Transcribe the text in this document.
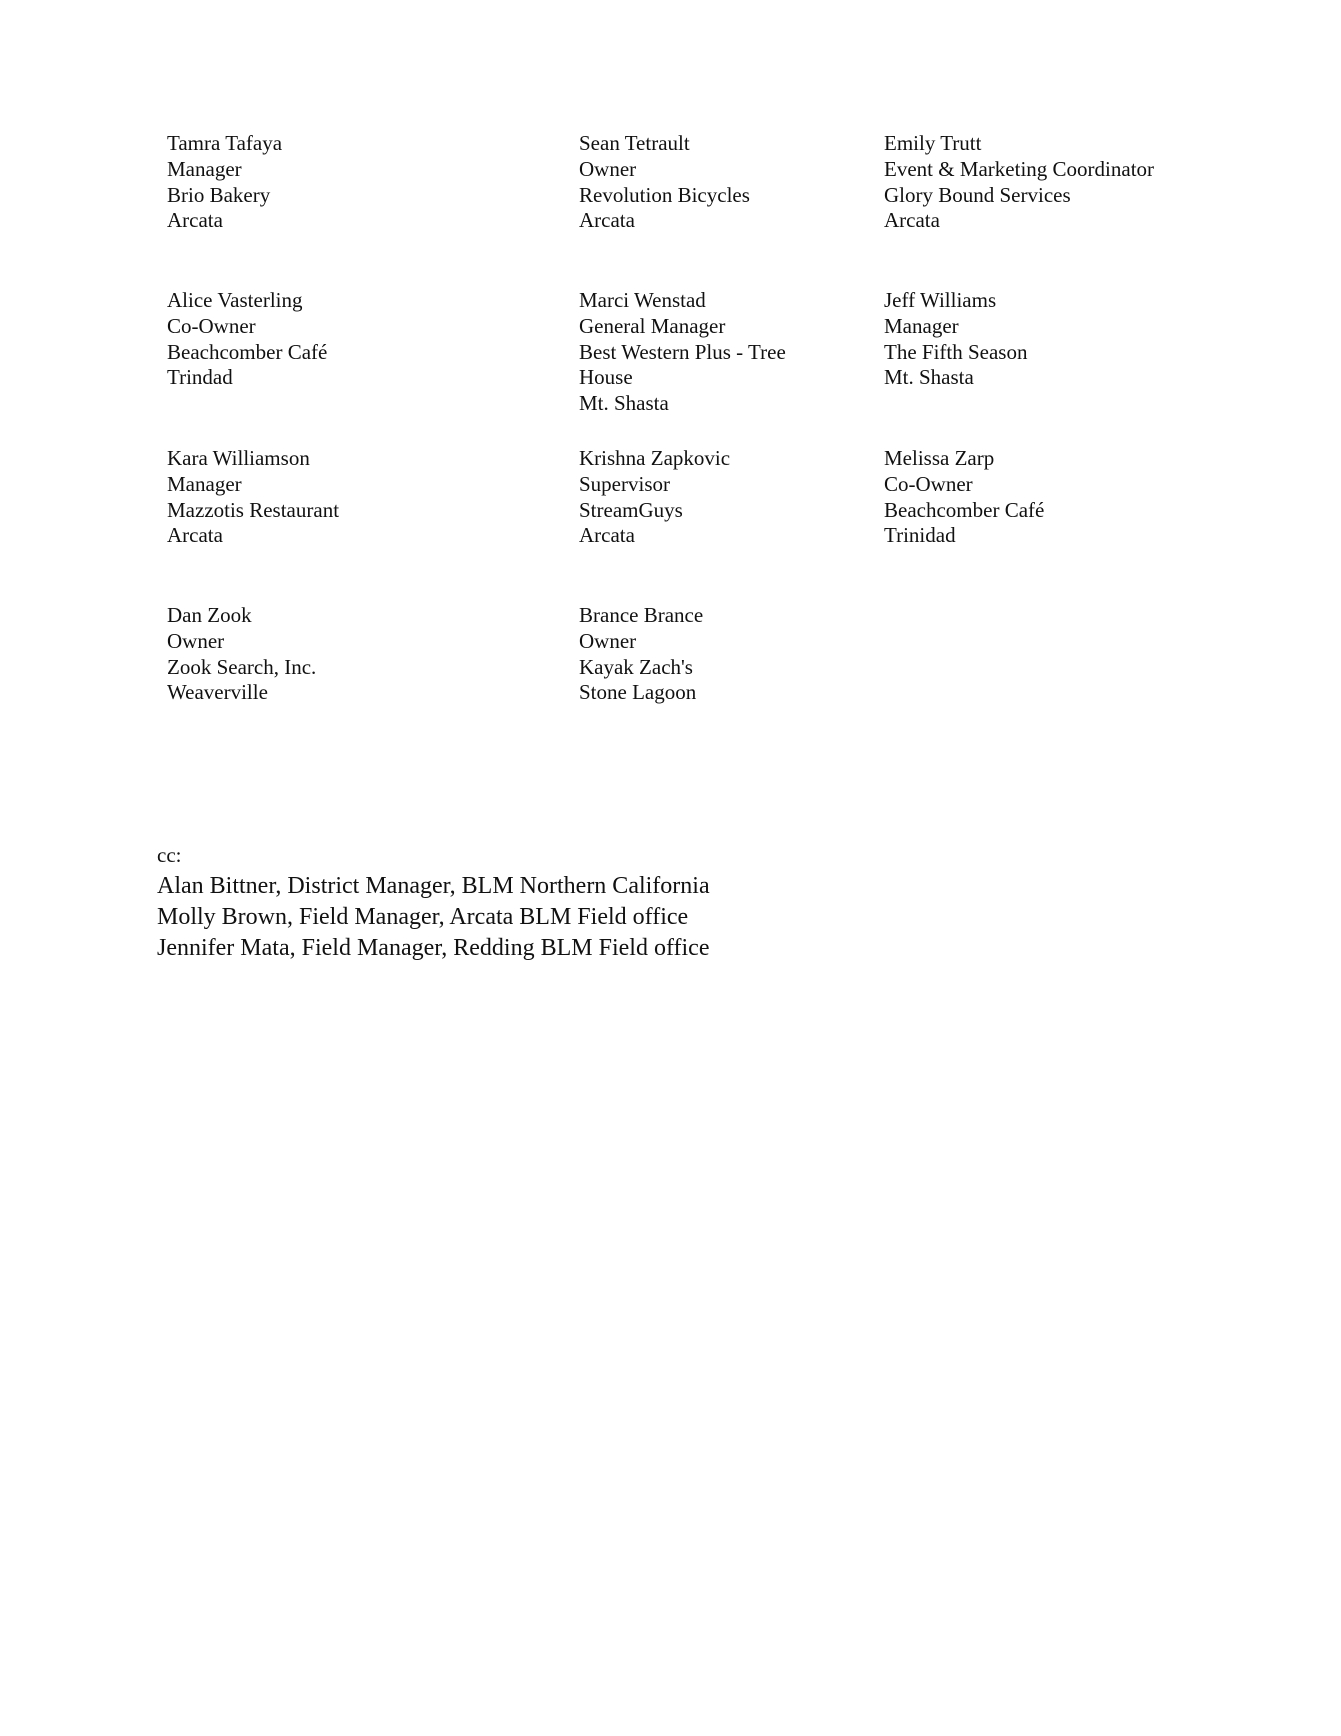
Tamra Tafaya
Manager
Brio Bakery
Arcata
Sean Tetrault
Owner
Revolution Bicycles
Arcata
Emily Trutt
Event & Marketing Coordinator
Glory Bound Services
Arcata
Alice Vasterling
Co-Owner
Beachcomber Café
Trindad
Marci Wenstad
General Manager
Best Western Plus - Tree
House
Mt. Shasta
Jeff Williams
Manager
The Fifth Season
Mt. Shasta
Kara Williamson
Manager
Mazzotis Restaurant
Arcata
Krishna Zapkovic
Supervisor
StreamGuys
Arcata
Melissa Zarp
Co-Owner
Beachcomber Café
Trinidad
Dan Zook
Owner
Zook Search, Inc.
Weaverville
Brance Brance
Owner
Kayak Zach's
Stone Lagoon
cc:
Alan Bittner, District Manager, BLM Northern California
Molly Brown, Field Manager, Arcata BLM Field office
Jennifer Mata, Field Manager, Redding BLM Field office
